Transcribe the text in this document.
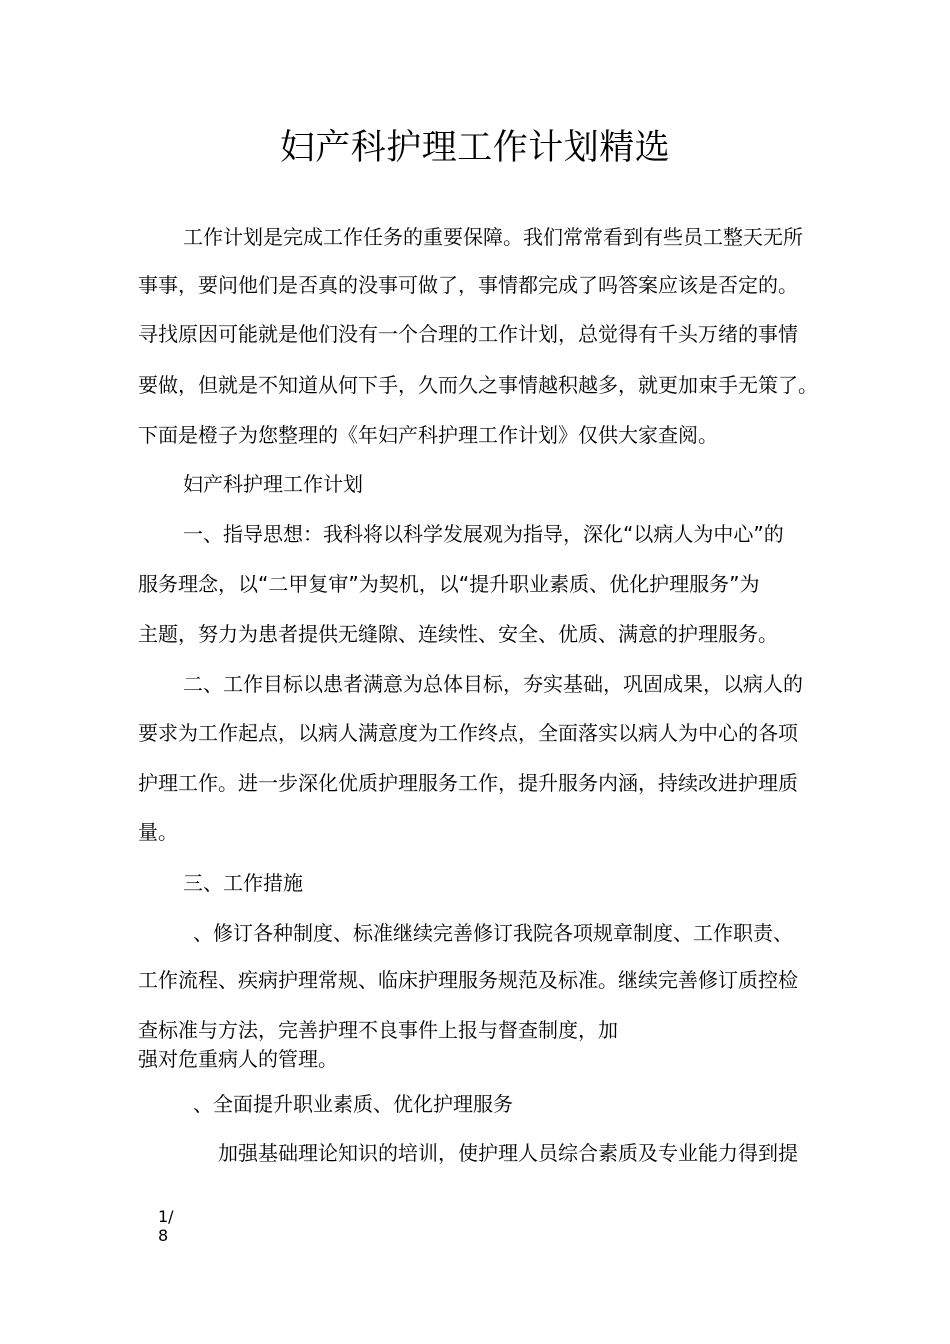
妇产科护理工作计划精选
工作计划是完成工作任务的重要保障。我们常常看到有些员工整天无所
事事，要问他们是否真的没事可做了，事情都完成了吗答案应该是否定的。
寻找原因可能就是他们没有一个合理的工作计划，总觉得有千头万绪的事情
要做，但就是不知道从何下手，久而久之事情越积越多，就更加束手无策了。
下面是橙子为您整理的《年妇产科护理工作计划》仅供大家查阅。
妇产科护理工作计划
一、指导思想：我科将以科学发展观为指导，深化“以病人为中心”的
服务理念，以“二甲复审”为契机，以“提升职业素质、优化护理服务”为
主题，努力为患者提供无缝隙、连续性、安全、优质、满意的护理服务。
二、工作目标以患者满意为总体目标，夯实基础，巩固成果，以病人的
要求为工作起点，以病人满意度为工作终点，全面落实以病人为中心的各项
护理工作。进一步深化优质护理服务工作，提升服务内涵，持续改进护理质
量。
三、工作措施
、修订各种制度、标准继续完善修订我院各项规章制度、工作职责、
工作流程、疾病护理常规、临床护理服务规范及标准。继续完善修订质控检
查标准与方法，完善护理不良事件上报与督查制度，加
强对危重病人的管理。
、全面提升职业素质、优化护理服务
加强基础理论知识的培训，使护理人员综合素质及专业能力得到提
1/
8
